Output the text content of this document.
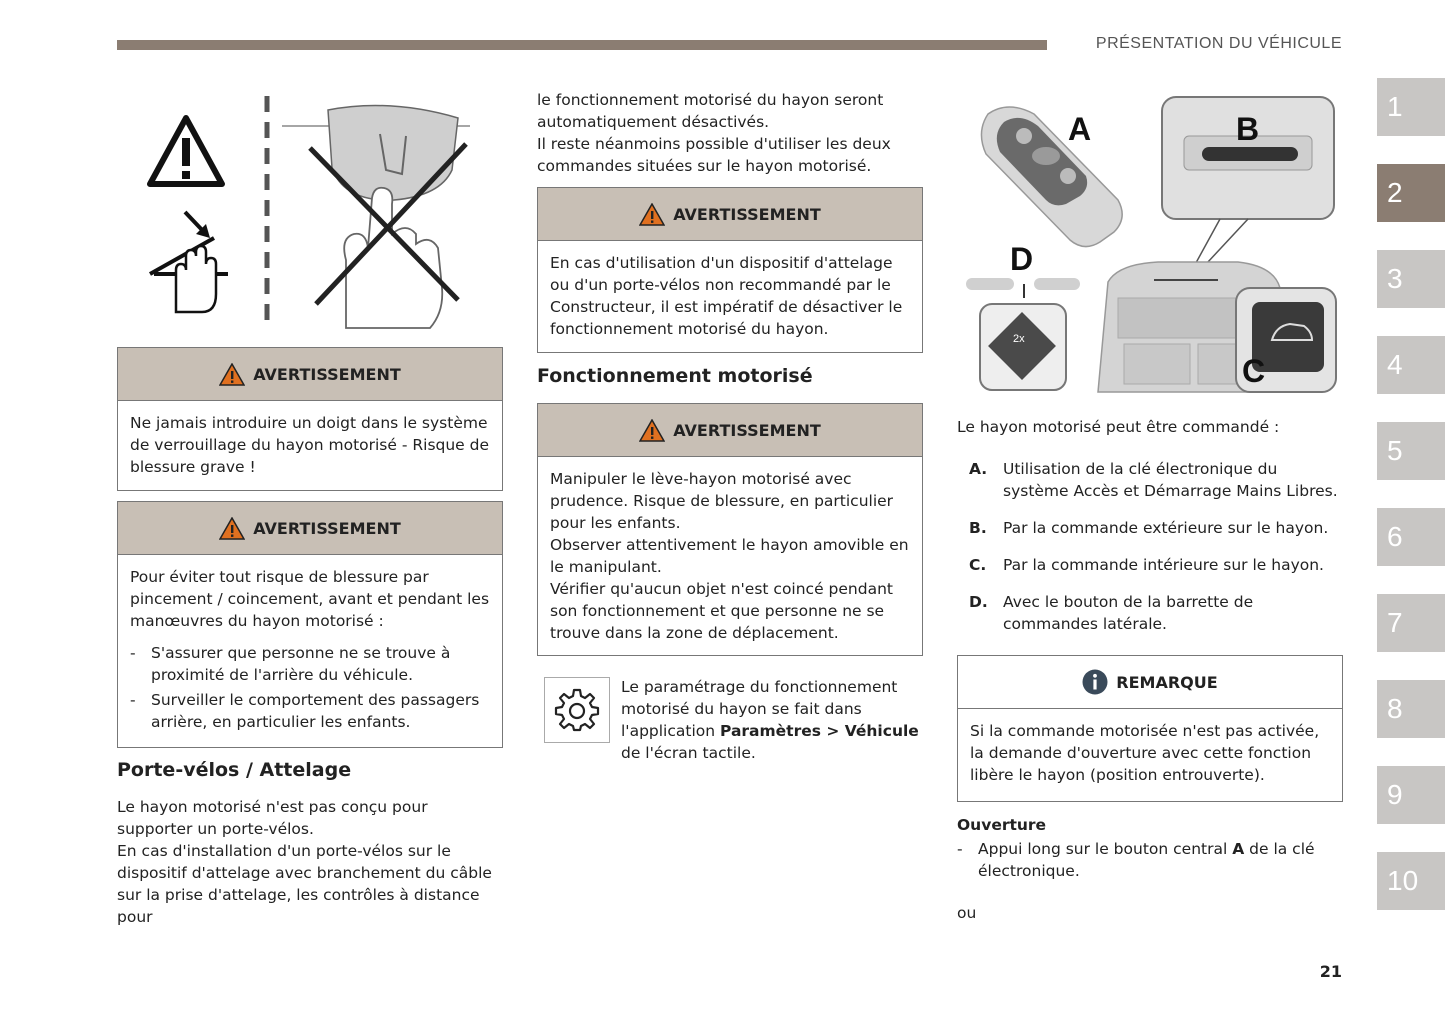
PRÉSENTATION DU VÉHICULE
1
2
3
4
5
6
7
8
9
10
AVERTISSEMENT
Ne jamais introduire un doigt dans le système de verrouillage du hayon motorisé - Risque de blessure grave !
AVERTISSEMENT
Pour éviter tout risque de blessure par pincement / coincement, avant et pendant les manœuvres du hayon motorisé :
- S'assurer que personne ne se trouve à proximité de l'arrière du véhicule.
- Surveiller le comportement des passagers arrière, en particulier les enfants.
Porte-vélos / Attelage
Le hayon motorisé n'est pas conçu pour supporter un porte-vélos.
En cas d'installation d'un porte-vélos sur le dispositif d'attelage avec branchement du câble sur la prise d'attelage, les contrôles à distance pour
le fonctionnement motorisé du hayon seront automatiquement désactivés.
Il reste néanmoins possible d'utiliser les deux commandes situées sur le hayon motorisé.
AVERTISSEMENT
En cas d'utilisation d'un dispositif d'attelage ou d'un porte-vélos non recommandé par le Constructeur, il est impératif de désactiver le fonctionnement motorisé du hayon.
Fonctionnement motorisé
AVERTISSEMENT
Manipuler le lève-hayon motorisé avec prudence. Risque de blessure, en particulier pour les enfants.
Observer attentivement le hayon amovible en le manipulant.
Vérifier qu'aucun objet n'est coincé pendant son fonctionnement et que personne ne se trouve dans la zone de déplacement.
Le paramétrage du fonctionnement motorisé du hayon se fait dans l'application Paramètres > Véhicule de l'écran tactile.
A	B
D
2x
C
Le hayon motorisé peut être commandé :
A. Utilisation de la clé électronique du système Accès et Démarrage Mains Libres.
B. Par la commande extérieure sur le hayon.
C. Par la commande intérieure sur le hayon.
D. Avec le bouton de la barrette de commandes latérale.
REMARQUE
Si la commande motorisée n'est pas activée, la demande d'ouverture avec cette fonction libère le hayon (position entrouverte).
Ouverture
- Appui long sur le bouton central A de la clé électronique.
ou
21
